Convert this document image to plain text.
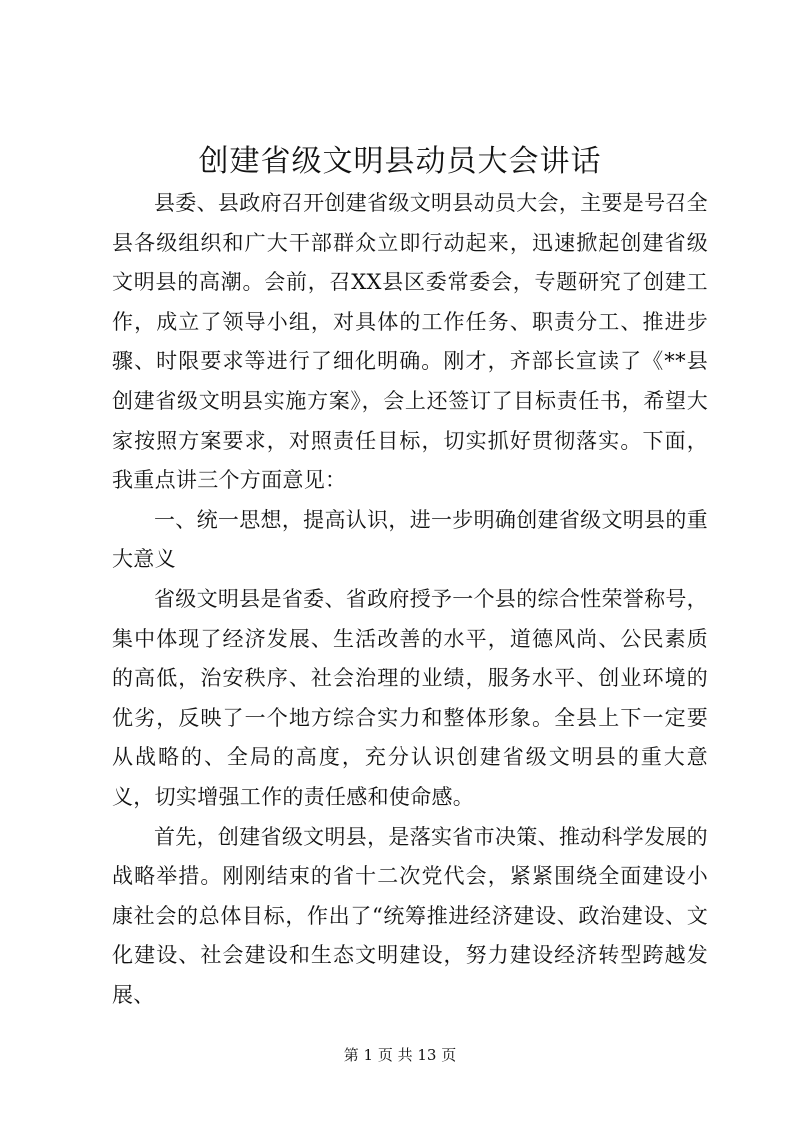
创建省级文明县动员大会讲话

县委、县政府召开创建省级文明县动员大会，主要是号召全县各级组织和广大干部群众立即行动起来，迅速掀起创建省级文明县的高潮。会前，召XX县区委常委会，专题研究了创建工作，成立了领导小组，对具体的工作任务、职责分工、推进步骤、时限要求等进行了细化明确。刚才，齐部长宣读了《**县创建省级文明县实施方案》，会上还签订了目标责任书，希望大家按照方案要求，对照责任目标，切实抓好贯彻落实。下面，我重点讲三个方面意见：

一、统一思想，提高认识，进一步明确创建省级文明县的重大意义

省级文明县是省委、省政府授予一个县的综合性荣誉称号，集中体现了经济发展、生活改善的水平，道德风尚、公民素质的高低，治安秩序、社会治理的业绩，服务水平、创业环境的优劣，反映了一个地方综合实力和整体形象。全县上下一定要从战略的、全局的高度，充分认识创建省级文明县的重大意义，切实增强工作的责任感和使命感。

首先，创建省级文明县，是落实省市决策、推动科学发展的战略举措。刚刚结束的省十二次党代会，紧紧围绕全面建设小康社会的总体目标，作出了“统筹推进经济建设、政治建设、文化建设、社会建设和生态文明建设，努力建设经济转型跨越发展、

第 1 页 共 13 页
